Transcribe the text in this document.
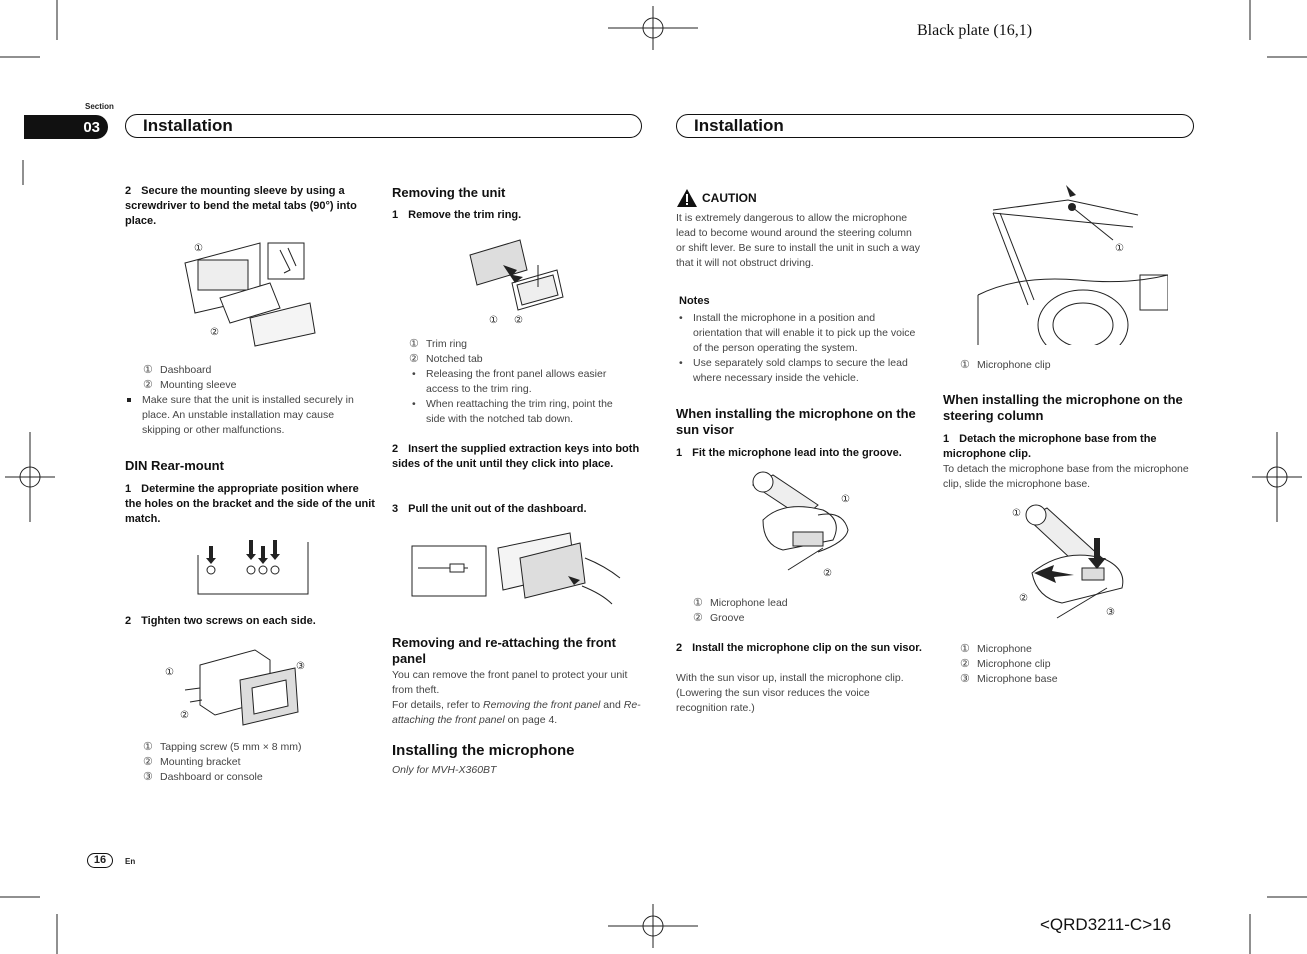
Black plate (16,1)
Section
03	Installation	Installation
2 Secure the mounting sleeve by using a screwdriver to bend the metal tabs (90°) into place.
①
②
① Dashboard
② Mounting sleeve
Make sure that the unit is installed securely in place. An unstable installation may cause skipping or other malfunctions.
DIN Rear-mount
1 Determine the appropriate position where the holes on the bracket and the side of the unit match.
2 Tighten two screws on each side.
①
②
③
① Tapping screw (5 mm × 8 mm)
② Mounting bracket
③ Dashboard or console
Removing the unit
1 Remove the trim ring.
① ②
① Trim ring
② Notched tab
• Releasing the front panel allows easier access to the trim ring.
• When reattaching the trim ring, point the side with the notched tab down.
2 Insert the supplied extraction keys into both sides of the unit until they click into place.
3 Pull the unit out of the dashboard.
Removing and re-attaching the front panel
You can remove the front panel to protect your unit from theft.
For details, refer to Removing the front panel and Re-attaching the front panel on page 4.
Installing the microphone
Only for MVH-X360BT
CAUTION
It is extremely dangerous to allow the microphone lead to become wound around the steering column or shift lever. Be sure to install the unit in such a way that it will not obstruct driving.
Notes
• Install the microphone in a position and orientation that will enable it to pick up the voice of the person operating the system.
• Use separately sold clamps to secure the lead where necessary inside the vehicle.
When installing the microphone on the sun visor
1 Fit the microphone lead into the groove.
①
②
① Microphone lead
② Groove
2 Install the microphone clip on the sun visor.
With the sun visor up, install the microphone clip. (Lowering the sun visor reduces the voice recognition rate.)
①
① Microphone clip
When installing the microphone on the steering column
1 Detach the microphone base from the microphone clip.
To detach the microphone base from the microphone clip, slide the microphone base.
①
②
③
① Microphone
② Microphone clip
③ Microphone base
16	En
<QRD3211-C>16
